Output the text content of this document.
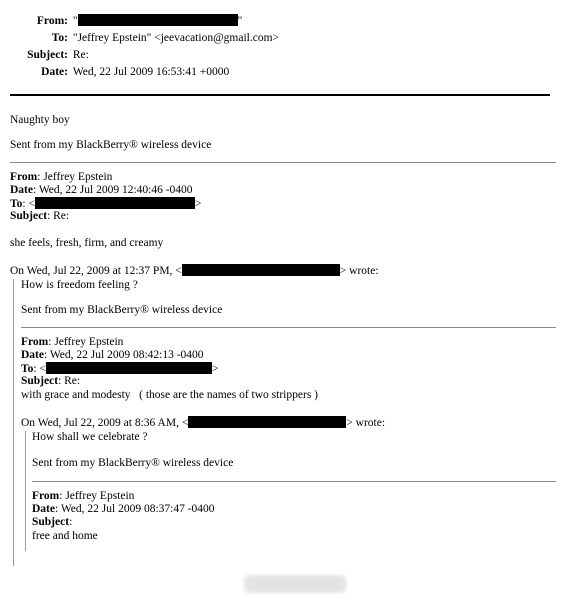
From: "	"
To: "Jeffrey Epstein" <jeevacation@gmail.com>
Subject: Re:
Date: Wed, 22 Jul 2009 16:53:41 +0000
Naughty boy
Sent from my BlackBerry® wireless device
From: Jeffrey Epstein
Date: Wed, 22 Jul 2009 12:40:46 -0400
To: <	>
Subject: Re:
she feels, fresh, firm, and creamy
On Wed, Jul 22, 2009 at 12:37 PM, <	> wrote:
How is freedom feeling ?
Sent from my BlackBerry® wireless device
From: Jeffrey Epstein
Date: Wed, 22 Jul 2009 08:42:13 -0400
To: <	>
Subject: Re:
with grace and modesty   ( those are the names of two strippers )
On Wed, Jul 22, 2009 at 8:36 AM, <	> wrote:
How shall we celebrate ?
Sent from my BlackBerry® wireless device
From: Jeffrey Epstein
Date: Wed, 22 Jul 2009 08:37:47 -0400
Subject:
free and home
